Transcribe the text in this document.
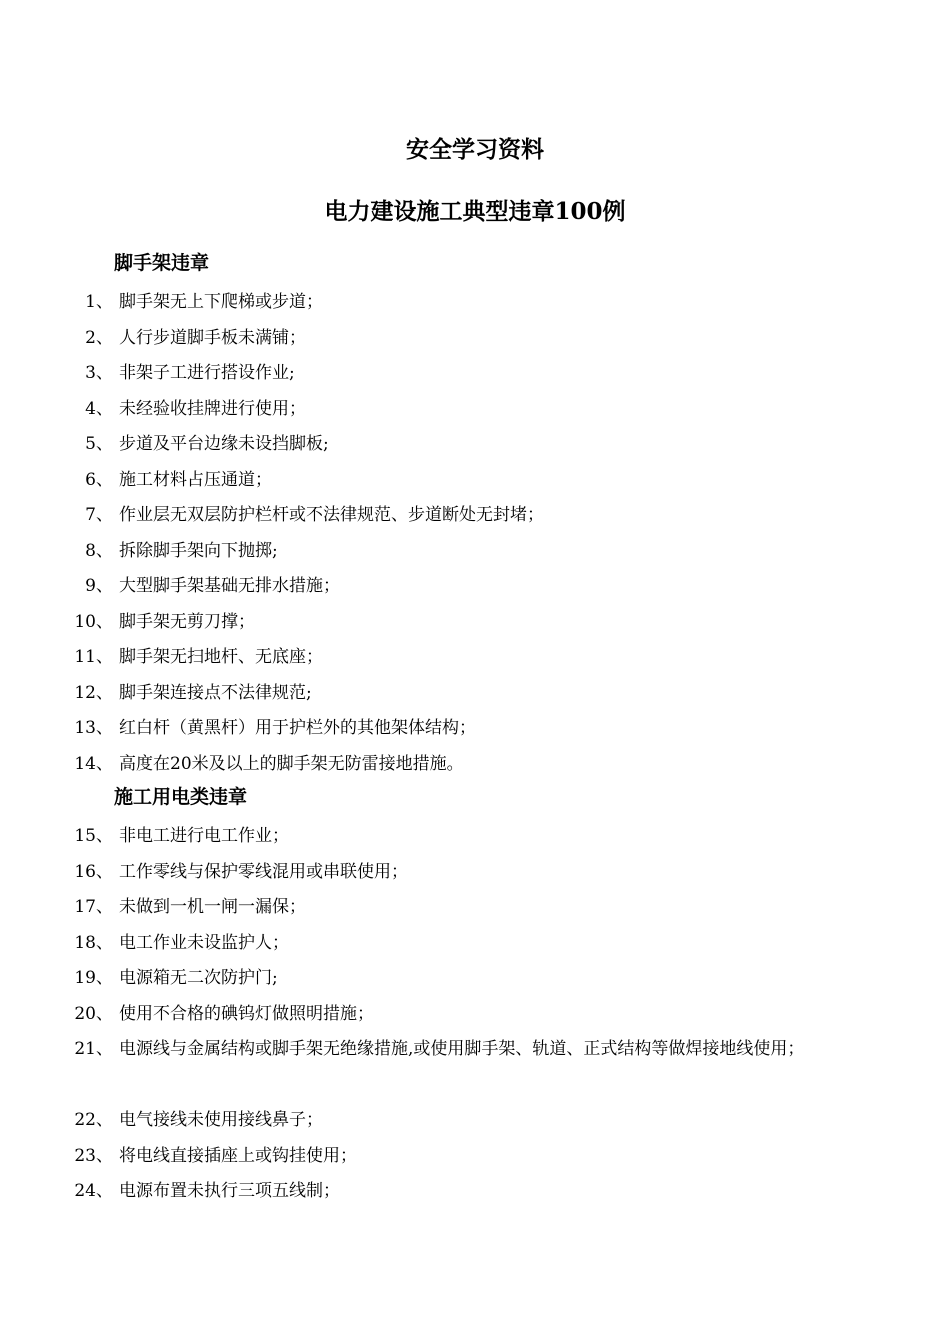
安全学习资料
电力建设施工典型违章100例
脚手架违章
1 、 脚手架无上下爬梯或步道；
2 、 人行步道脚手板未满铺；
3 、 非架子工进行搭设作业;
4 、 未经验收挂牌进行使用；
5 、 步道及平台边缘未设挡脚板;
6 、 施工材料占压通道；
7 、 作业层无双层防护栏杆或不法律规范、步道断处无封堵；
8 、 拆除脚手架向下抛掷;
9 、 大型脚手架基础无排水措施；
10 、 脚手架无剪刀撑；
11 、 脚手架无扫地杆、无底座；
12 、 脚手架连接点不法律规范;
13 、 红白杆（黄黑杆）用于护栏外的其他架体结构；
14 、 高度在20米及以上的脚手架无防雷接地措施。
施工用电类违章
15 、 非电工进行电工作业；
16 、 工作零线与保护零线混用或串联使用；
17 、 未做到一机一闸一漏保；
18 、 电工作业未设监护人；
19 、 电源箱无二次防护门;
20 、 使用不合格的碘钨灯做照明措施；
21 、 电源线与金属结构或脚手架无绝缘措施,或使用脚手架、轨道、正式结构等做焊接地线使用；
22 、 电气接线未使用接线鼻子；
23 、 将电线直接插座上或钩挂使用；
24 、 电源布置未执行三项五线制；
